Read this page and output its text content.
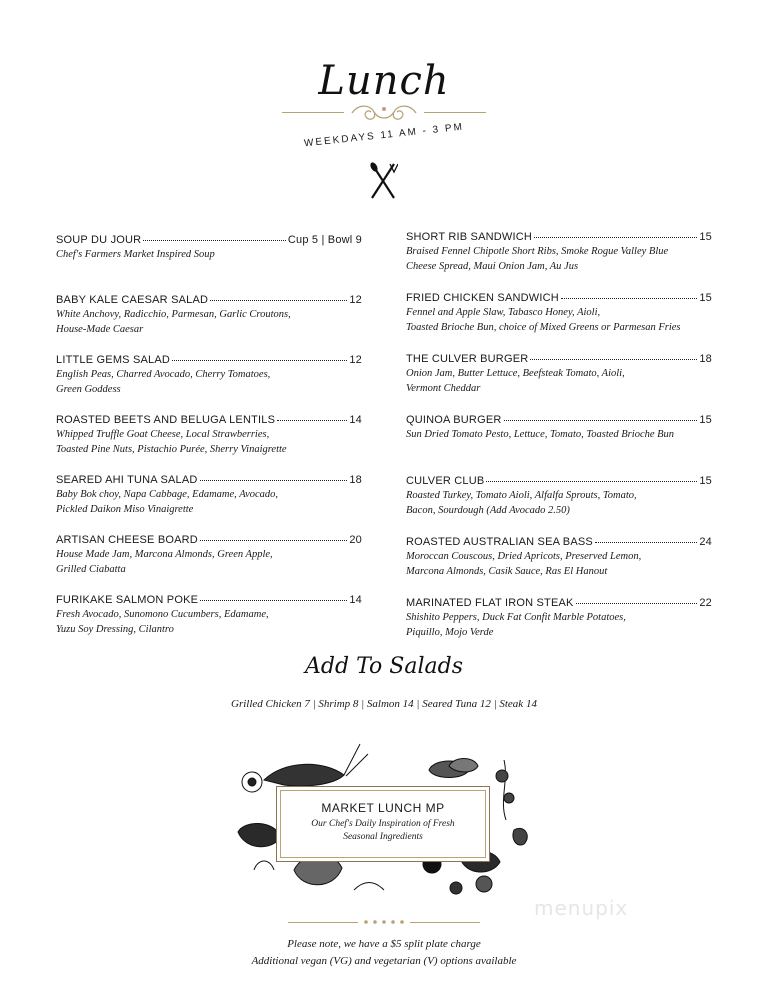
Lunch
WEEKDAYS 11 AM - 3 PM
SOUP DU JOUR	Cup 5 | Bowl 9
Chef's Farmers Market Inspired Soup
BABY KALE CAESAR SALAD	12
White Anchovy, Radicchio, Parmesan, Garlic Croutons,
House-Made Caesar
LITTLE GEMS SALAD	12
English Peas, Charred Avocado, Cherry Tomatoes,
Green Goddess
ROASTED BEETS AND BELUGA LENTILS	14
Whipped Truffle Goat Cheese, Local Strawberries,
Toasted Pine Nuts, Pistachio Purée, Sherry Vinaigrette
SEARED AHI TUNA SALAD	18
Baby Bok choy, Napa Cabbage, Edamame, Avocado,
Pickled Daikon Miso Vinaigrette
ARTISAN CHEESE BOARD	20
House Made Jam, Marcona Almonds, Green Apple,
Grilled Ciabatta
FURIKAKE SALMON POKE	14
Fresh Avocado, Sunomono Cucumbers, Edamame,
Yuzu Soy Dressing, Cilantro
SHORT RIB SANDWICH	15
Braised Fennel Chipotle Short Ribs, Smoke Rogue Valley Blue
Cheese Spread, Maui Onion Jam, Au Jus
FRIED CHICKEN SANDWICH	15
Fennel and Apple Slaw, Tabasco Honey, Aioli,
Toasted Brioche Bun, choice of Mixed Greens or Parmesan Fries
THE CULVER BURGER	18
Onion Jam, Butter Lettuce, Beefsteak Tomato, Aioli,
Vermont Cheddar
QUINOA BURGER	15
Sun Dried Tomato Pesto, Lettuce, Tomato, Toasted Brioche Bun
CULVER CLUB	15
Roasted Turkey, Tomato Aioli, Alfalfa Sprouts, Tomato,
Bacon, Sourdough (Add Avocado 2.50)
ROASTED AUSTRALIAN SEA BASS	24
Moroccan Couscous, Dried Apricots, Preserved Lemon,
Marcona Almonds, Casik Sauce, Ras El Hanout
MARINATED FLAT IRON STEAK	22
Shishito Peppers, Duck Fat Confit Marble Potatoes,
Piquillo, Mojo Verde
Add To Salads
Grilled Chicken 7 | Shrimp 8 | Salmon 14 | Seared Tuna 12 | Steak 14
MARKET LUNCH MP
Our Chef's Daily Inspiration of Fresh
Seasonal Ingredients
menupix
Please note, we have a $5 split plate charge
Additional vegan (VG) and vegetarian (V) options available
